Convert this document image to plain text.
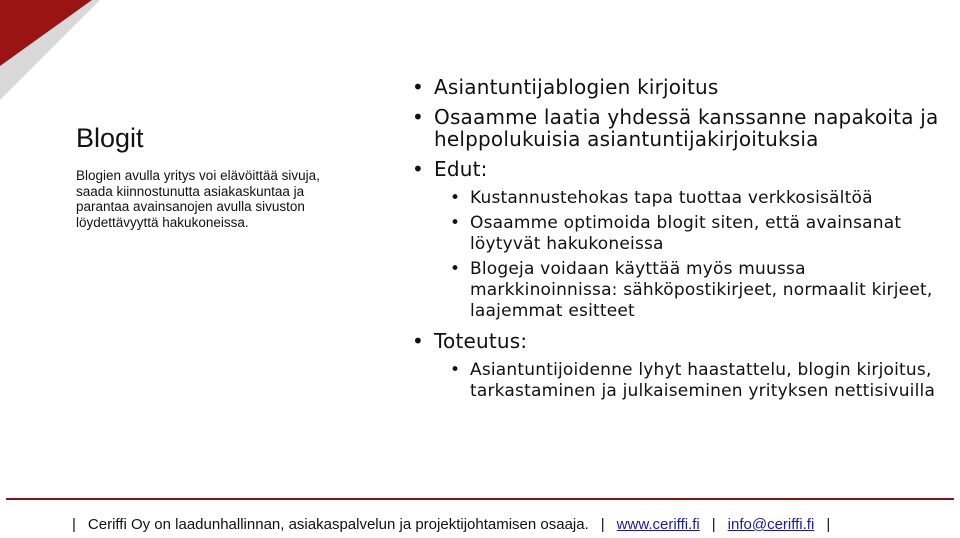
Blogit

Blogien avulla yritys voi elävöittää sivuja, saada kiinnostunutta asiakaskuntaa ja parantaa avainsanojen avulla sivuston löydettävyyttä hakukoneissa.

• Asiantuntijablogien kirjoitus
• Osaamme laatia yhdessä kanssanne napakoita ja helppolukuisia asiantuntijakirjoituksia
• Edut:
• Kustannustehokas tapa tuottaa verkkosisältöä
• Osaamme optimoida blogit siten, että avainsanat löytyvät hakukoneissa
• Blogeja voidaan käyttää myös muussa markkinoinnissa: sähköpostikirjeet, normaalit kirjeet, laajemmat esitteet
• Toteutus:
• Asiantuntijoidenne lyhyt haastattelu, blogin kirjoitus, tarkastaminen ja julkaiseminen yrityksen nettisivuilla
| Ceriffi Oy on laadunhallinnan, asiakaspalvelun ja projektijohtamisen osaaja. | www.ceriffi.fi | info@ceriffi.fi |
